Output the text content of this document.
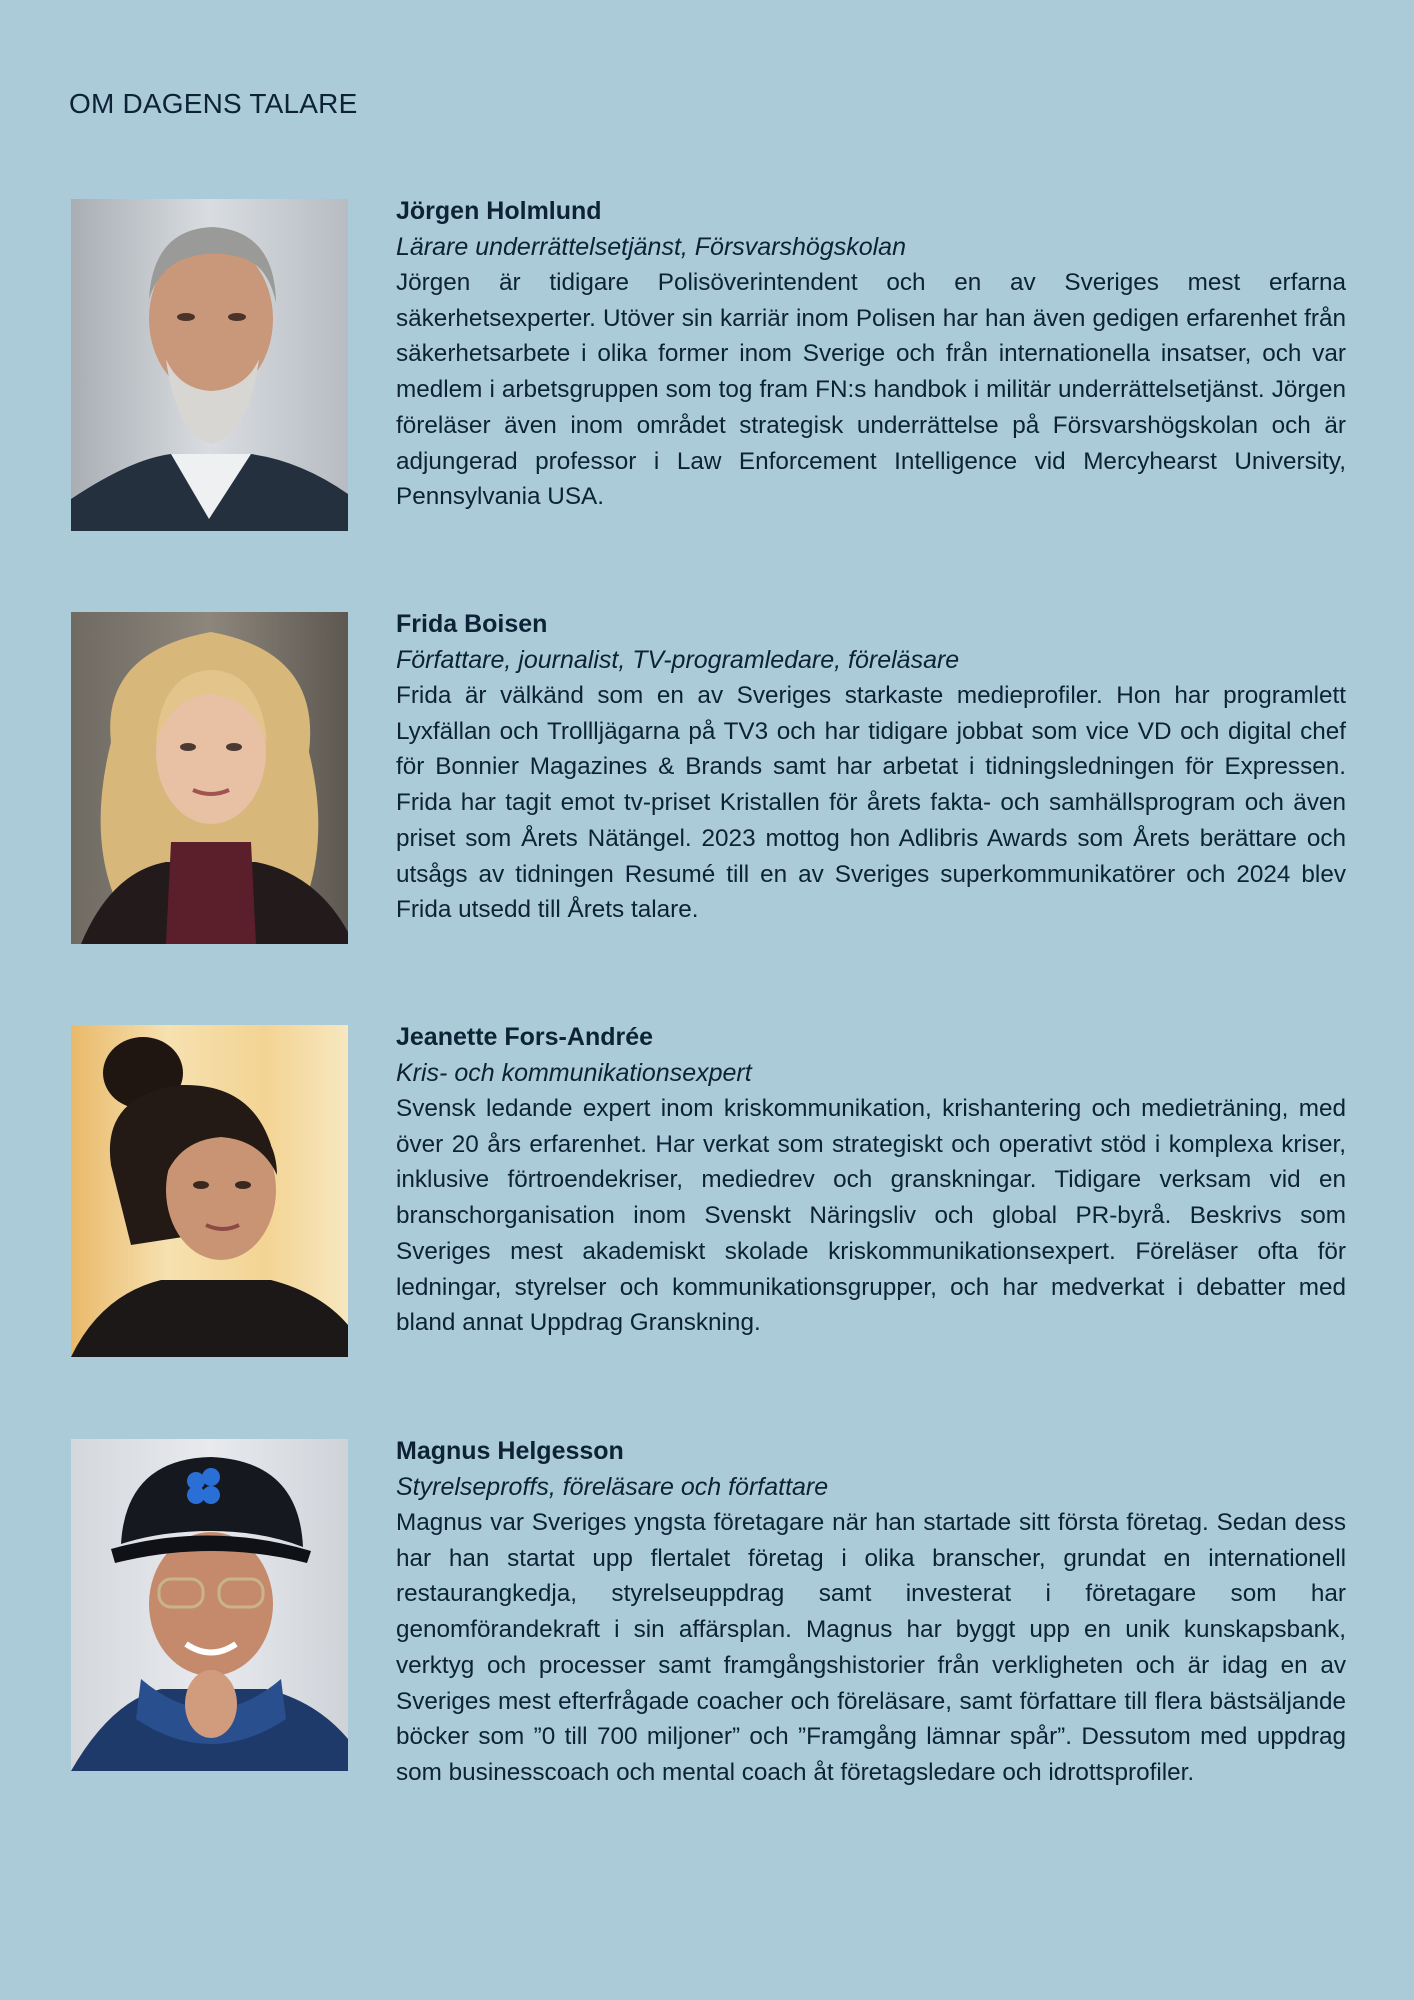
OM DAGENS TALARE

Jörgen Holmlund

Lärare underrättelsetjänst, Försvarshögskolan

Jörgen är tidigare Polisöverintendent och en av Sveriges mest erfarna säkerhetsexperter. Utöver sin karriär inom Polisen har han även gedigen erfarenhet från säkerhetsarbete i olika former inom Sverige och från internationella insatser, och var medlem i arbetsgruppen som tog fram FN:s handbok i militär underrättelsetjänst. Jörgen föreläser även inom området strategisk underrättelse på Försvarshögskolan och är adjungerad professor i Law Enforcement Intelligence vid Mercyhearst University, Pennsylvania USA.

Frida Boisen

Författare, journalist, TV-programledare, föreläsare

Frida är välkänd som en av Sveriges starkaste medieprofiler. Hon har programlett Lyxfällan och Trollljägarna på TV3 och har tidigare jobbat som vice VD och digital chef för Bonnier Magazines & Brands samt har arbetat i tidningsledningen för Expressen. Frida har tagit emot tv-priset Kristallen för årets fakta- och samhällsprogram och även priset som Årets Nätängel. 2023 mottog hon Adlibris Awards som Årets berättare och utsågs av tidningen Resumé till en av Sveriges superkommunikatörer och 2024 blev Frida utsedd till Årets talare.

Jeanette Fors-Andrée

Kris- och kommunikationsexpert

Svensk ledande expert inom kriskommunikation, krishantering och medieträning, med över 20 års erfarenhet. Har verkat som strategiskt och operativt stöd i komplexa kriser, inklusive förtroendekriser, mediedrev och granskningar. Tidigare verksam vid en branschorganisation inom Svenskt Näringsliv och global PR-byrå. Beskrivs som Sveriges mest akademiskt skolade kriskommunikationsexpert. Föreläser ofta för ledningar, styrelser och kommunikationsgrupper, och har medverkat i debatter med bland annat Uppdrag Granskning.

Magnus Helgesson

Styrelseproffs, föreläsare och författare

Magnus var Sveriges yngsta företagare när han startade sitt första företag. Sedan dess har han startat upp flertalet företag i olika branscher, grundat en internationell restaurangkedja, styrelseuppdrag samt investerat i företagare som har genomförandekraft i sin affärsplan. Magnus har byggt upp en unik kunskapsbank, verktyg och processer samt framgångshistorier från verkligheten och är idag en av Sveriges mest efterfrågade coacher och föreläsare, samt författare till flera bästsäljande böcker som ”0 till 700 miljoner” och ”Framgång lämnar spår”. Dessutom med uppdrag som businesscoach och mental coach åt företagsledare och idrottsprofiler.
